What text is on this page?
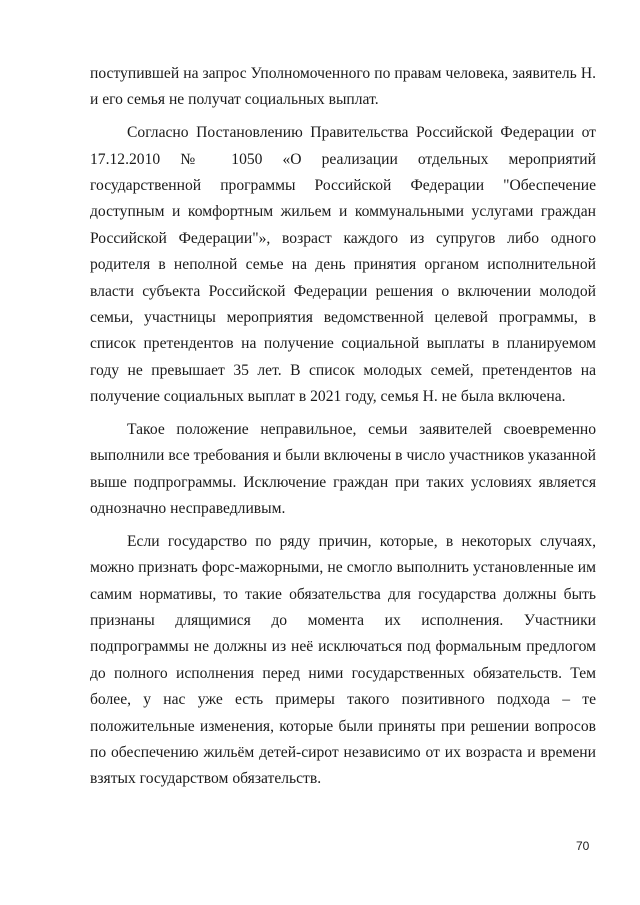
поступившей на запрос Уполномоченного по правам человека, заявитель Н. и его семья не получат социальных выплат.

Согласно Постановлению Правительства Российской Федерации от 17.12.2010 № 1050 «О реализации отдельных мероприятий государственной программы Российской Федерации "Обеспечение доступным и комфортным жильем и коммунальными услугами граждан Российской Федерации"», возраст каждого из супругов либо одного родителя в неполной семье на день принятия органом исполнительной власти субъекта Российской Федерации решения о включении молодой семьи, участницы мероприятия ведомственной целевой программы, в список претендентов на получение социальной выплаты в планируемом году не превышает 35 лет. В список молодых семей, претендентов на получение социальных выплат в 2021 году, семья Н. не была включена.

Такое положение неправильное, семьи заявителей своевременно выполнили все требования и были включены в число участников указанной выше подпрограммы. Исключение граждан при таких условиях является однозначно несправедливым.

Если государство по ряду причин, которые, в некоторых случаях, можно признать форс-мажорными, не смогло выполнить установленные им самим нормативы, то такие обязательства для государства должны быть признаны длящимися до момента их исполнения. Участники подпрограммы не должны из неё исключаться под формальным предлогом до полного исполнения перед ними государственных обязательств. Тем более, у нас уже есть примеры такого позитивного подхода – те положительные изменения, которые были приняты при решении вопросов по обеспечению жильём детей-сирот независимо от их возраста и времени взятых государством обязательств.

70
